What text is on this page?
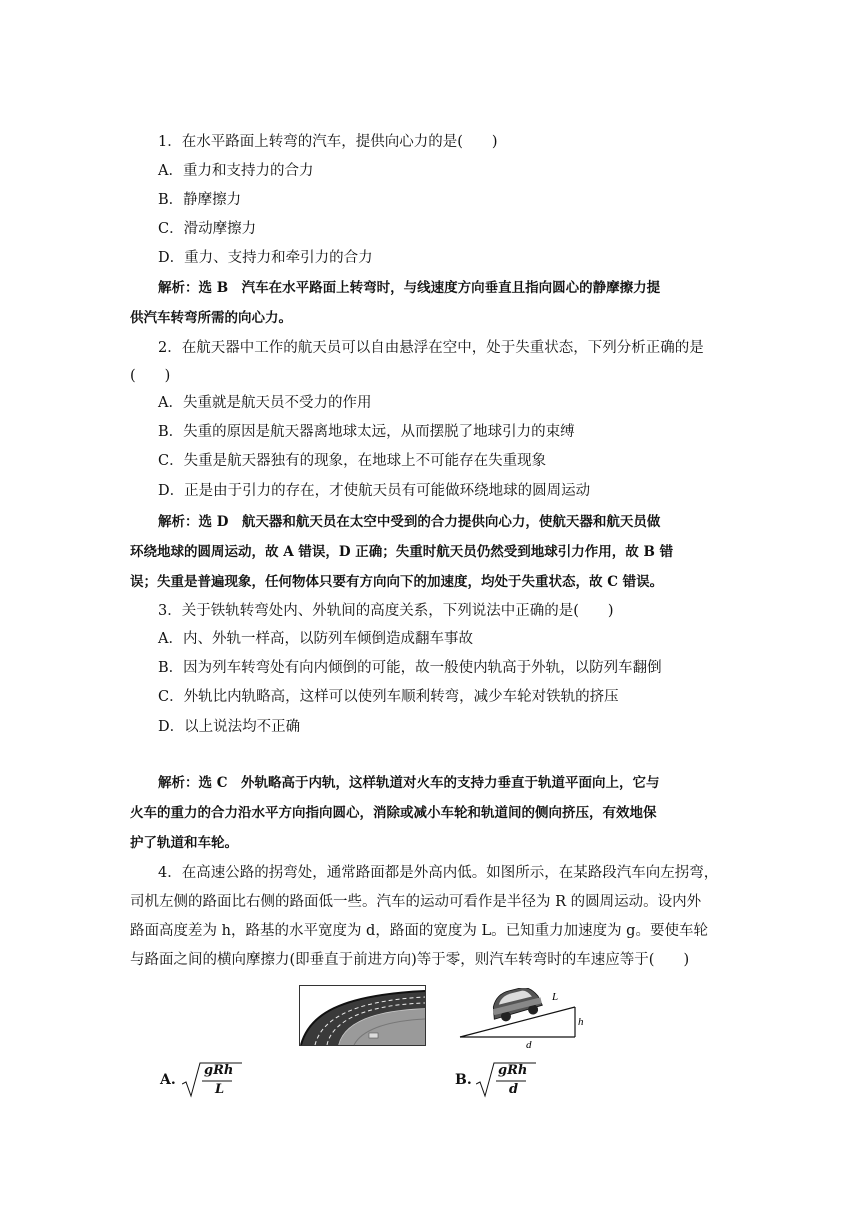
1．在水平路面上转弯的汽车，提供向心力的是(　　)
A．重力和支持力的合力
B．静摩擦力
C．滑动摩擦力
D．重力、支持力和牵引力的合力
解析：选 B　汽车在水平路面上转弯时，与线速度方向垂直且指向圆心的静摩擦力提
供汽车转弯所需的向心力。
2．在航天器中工作的航天员可以自由悬浮在空中，处于失重状态，下列分析正确的是
(　　)
A．失重就是航天员不受力的作用
B．失重的原因是航天器离地球太远，从而摆脱了地球引力的束缚
C．失重是航天器独有的现象，在地球上不可能存在失重现象
D．正是由于引力的存在，才使航天员有可能做环绕地球的圆周运动
解析：选 D　航天器和航天员在太空中受到的合力提供向心力，使航天器和航天员做
环绕地球的圆周运动，故 A 错误，D 正确；失重时航天员仍然受到地球引力作用，故 B 错
误；失重是普遍现象，任何物体只要有方向向下的加速度，均处于失重状态，故 C 错误。
3．关于铁轨转弯处内、外轨间的高度关系，下列说法中正确的是(　　)
A．内、外轨一样高，以防列车倾倒造成翻车事故
B．因为列车转弯处有向内倾倒的可能，故一般使内轨高于外轨，以防列车翻倒
C．外轨比内轨略高，这样可以使列车顺利转弯，减少车轮对铁轨的挤压
D．以上说法均不正确
解析：选 C　外轨略高于内轨，这样轨道对火车的支持力垂直于轨道平面向上，它与
火车的重力的合力沿水平方向指向圆心，消除或减小车轮和轨道间的侧向挤压，有效地保
护了轨道和车轮。
4．在高速公路的拐弯处，通常路面都是外高内低。如图所示，在某路段汽车向左拐弯，
司机左侧的路面比右侧的路面低一些。汽车的运动可看作是半径为 R 的圆周运动。设内外
路面高度差为 h，路基的水平宽度为 d，路面的宽度为 L。已知重力加速度为 g。要使车轮
与路面之间的横向摩擦力(即垂直于前进方向)等于零，则汽车转弯时的车速应等于(　　)
L
h
d
A.
gRh
L
B.
gRh
d
